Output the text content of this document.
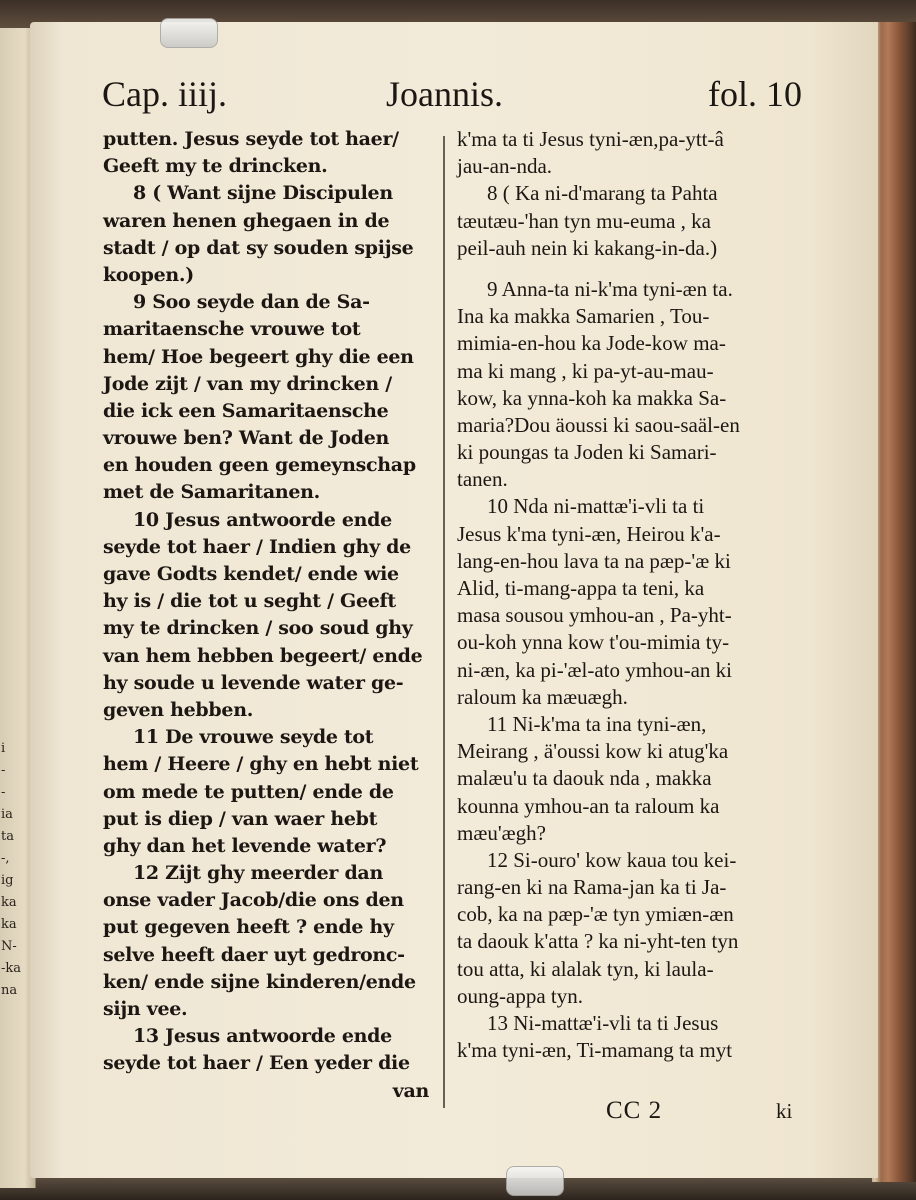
i
-
-
ia
ta
-,
ig
ka
ka
N-
-ka
na
Cap. iiij.	Joannis.	fol. 10
putten. Jesus seyde tot haer/
Geeft my te drincken.
8 ( Want sijne Discipulen
waren henen ghegaen in de
stadt / op dat sy souden spijse
koopen.)
9 Soo seyde dan de Sa-
maritaensche vrouwe tot
hem/ Hoe begeert ghy die een
Jode zijt / van my drincken /
die ick een Samaritaensche
vrouwe ben? Want de Joden
en houden geen gemeynschap
met de Samaritanen.
10 Jesus antwoorde ende
seyde tot haer / Indien ghy de
gave Godts kendet/ ende wie
hy is / die tot u seght / Geeft
my te drincken / soo soud ghy
van hem hebben begeert/ ende
hy soude u levende water ge-
geven hebben.
11 De vrouwe seyde tot
hem / Heere / ghy en hebt niet
om mede te putten/ ende de
put is diep / van waer hebt
ghy dan het levende water?
12 Zijt ghy meerder dan
onse vader Jacob/die ons den
put gegeven heeft ? ende hy
selve heeft daer uyt gedronc-
ken/ ende sijne kinderen/ende
sijn vee.
13 Jesus antwoorde ende
seyde tot haer / Een yeder die
van
k'ma ta ti Jesus tyni-æn,pa-ytt-â
jau-an-nda.
8 ( Ka ni-d'marang ta Pahta
tæutæu-'han tyn mu-euma , ka
peil-auh nein ki kakang-in-da.)
9 Anna-ta ni-k'ma tyni-æn ta.
Ina ka makka Samarien , Tou-
mimia-en-hou ka Jode-kow ma-
ma ki mang , ki pa-yt-au-mau-
kow, ka ynna-koh ka makka Sa-
maria?Dou äoussi ki saou-saäl-en
ki poungas ta Joden ki Samari-
tanen.
10 Nda ni-mattæ'i-vli ta ti
Jesus k'ma tyni-æn, Heirou k'a-
lang-en-hou lava ta na pæp-'æ ki
Alid, ti-mang-appa ta teni, ka
masa sousou ymhou-an , Pa-yht-
ou-koh ynna kow t'ou-mimia ty-
ni-æn, ka pi-'æl-ato ymhou-an ki
raloum ka mæuægh.
11 Ni-k'ma ta ina tyni-æn,
Meirang , ä'oussi kow ki atug'ka
malæu'u ta daouk nda , makka
kounna ymhou-an ta raloum ka
mæu'ægh?
12 Si-ouro' kow kaua tou kei-
rang-en ki na Rama-jan ka ti Ja-
cob, ka na pæp-'æ tyn ymiæn-æn
ta daouk k'atta ? ka ni-yht-ten tyn
tou atta, ki alalak tyn, ki laula-
oung-appa tyn.
13 Ni-mattæ'i-vli ta ti Jesus
k'ma tyni-æn, Ti-mamang ta myt
CC 2	ki
